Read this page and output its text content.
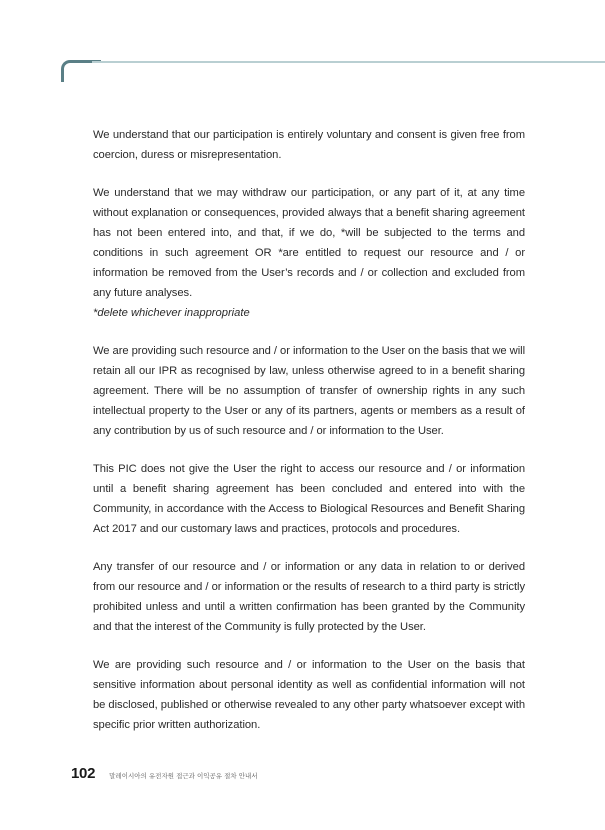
We understand that our participation is entirely voluntary and consent is given free from coercion, duress or misrepresentation.

We understand that we may withdraw our participation, or any part of it, at any time without explanation or consequences, provided always that a benefit sharing agreement has not been entered into, and that, if we do, *will be subjected to the terms and conditions in such agreement OR *are entitled to request our resource and / or information be removed from the User’s records and / or collection and excluded from any future analyses.

*delete whichever inappropriate

We are providing such resource and / or information to the User on the basis that we will retain all our IPR as recognised by law, unless otherwise agreed to in a benefit sharing agreement. There will be no assumption of transfer of ownership rights in any such intellectual property to the User or any of its partners, agents or members as a result of any contribution by us of such resource and / or information to the User.

This PIC does not give the User the right to access our resource and / or information until a benefit sharing agreement has been concluded and entered into with the Community, in accordance with the Access to Biological Resources and Benefit Sharing Act 2017 and our customary laws and practices, protocols and procedures.

Any transfer of our resource and / or information or any data in relation to or derived from our resource and / or information or the results of research to a third party is strictly prohibited unless and until a written confirmation has been granted by the Community and that the interest of the Community is fully protected by the User.

We are providing such resource and / or information to the User on the basis that sensitive information about personal identity as well as confidential information will not be disclosed, published or otherwise revealed to any other party whatsoever except with specific prior written authorization.

102 말레이시아의 유전자원 접근과 이익공유 절차 안내서
